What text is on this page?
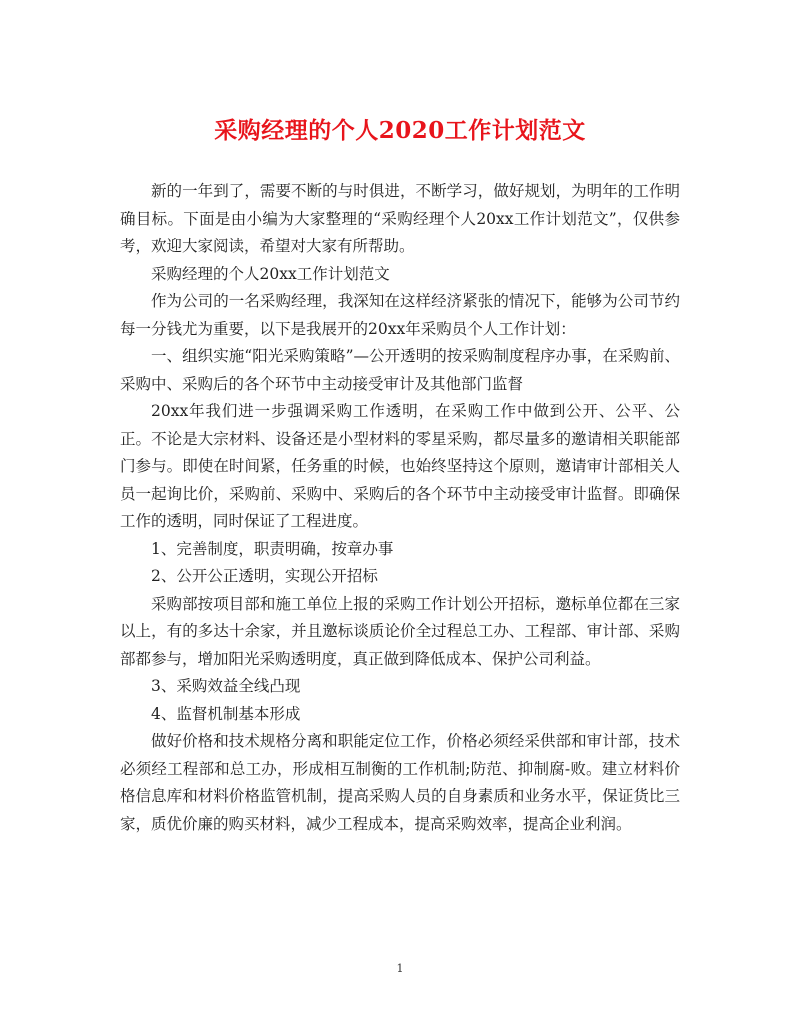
采购经理的个人2020工作计划范文

新的一年到了，需要不断的与时俱进，不断学习，做好规划，为明年的工作明确目标。下面是由小编为大家整理的“采购经理个人20xx工作计划范文”，仅供参考，欢迎大家阅读，希望对大家有所帮助。

采购经理的个人20xx工作计划范文

作为公司的一名采购经理，我深知在这样经济紧张的情况下，能够为公司节约每一分钱尤为重要，以下是我展开的20xx年采购员个人工作计划：

一、组织实施“阳光采购策略”—公开透明的按采购制度程序办事，在采购前、采购中、采购后的各个环节中主动接受审计及其他部门监督

20xx年我们进一步强调采购工作透明，在采购工作中做到公开、公平、公正。不论是大宗材料、设备还是小型材料的零星采购，都尽量多的邀请相关职能部门参与。即使在时间紧，任务重的时候，也始终坚持这个原则，邀请审计部相关人员一起询比价，采购前、采购中、采购后的各个环节中主动接受审计监督。即确保工作的透明，同时保证了工程进度。

1、完善制度，职责明确，按章办事

2、公开公正透明，实现公开招标

采购部按项目部和施工单位上报的采购工作计划公开招标，邀标单位都在三家以上，有的多达十余家，并且邀标谈质论价全过程总工办、工程部、审计部、采购部都参与，增加阳光采购透明度，真正做到降低成本、保护公司利益。

3、采购效益全线凸现

4、监督机制基本形成

做好价格和技术规格分离和职能定位工作，价格必须经采供部和审计部，技术必须经工程部和总工办，形成相互制衡的工作机制;防范、抑制腐-败。建立材料价格信息库和材料价格监管机制，提高采购人员的自身素质和业务水平，保证货比三家，质优价廉的购买材料，减少工程成本，提高采购效率，提高企业利润。

1
